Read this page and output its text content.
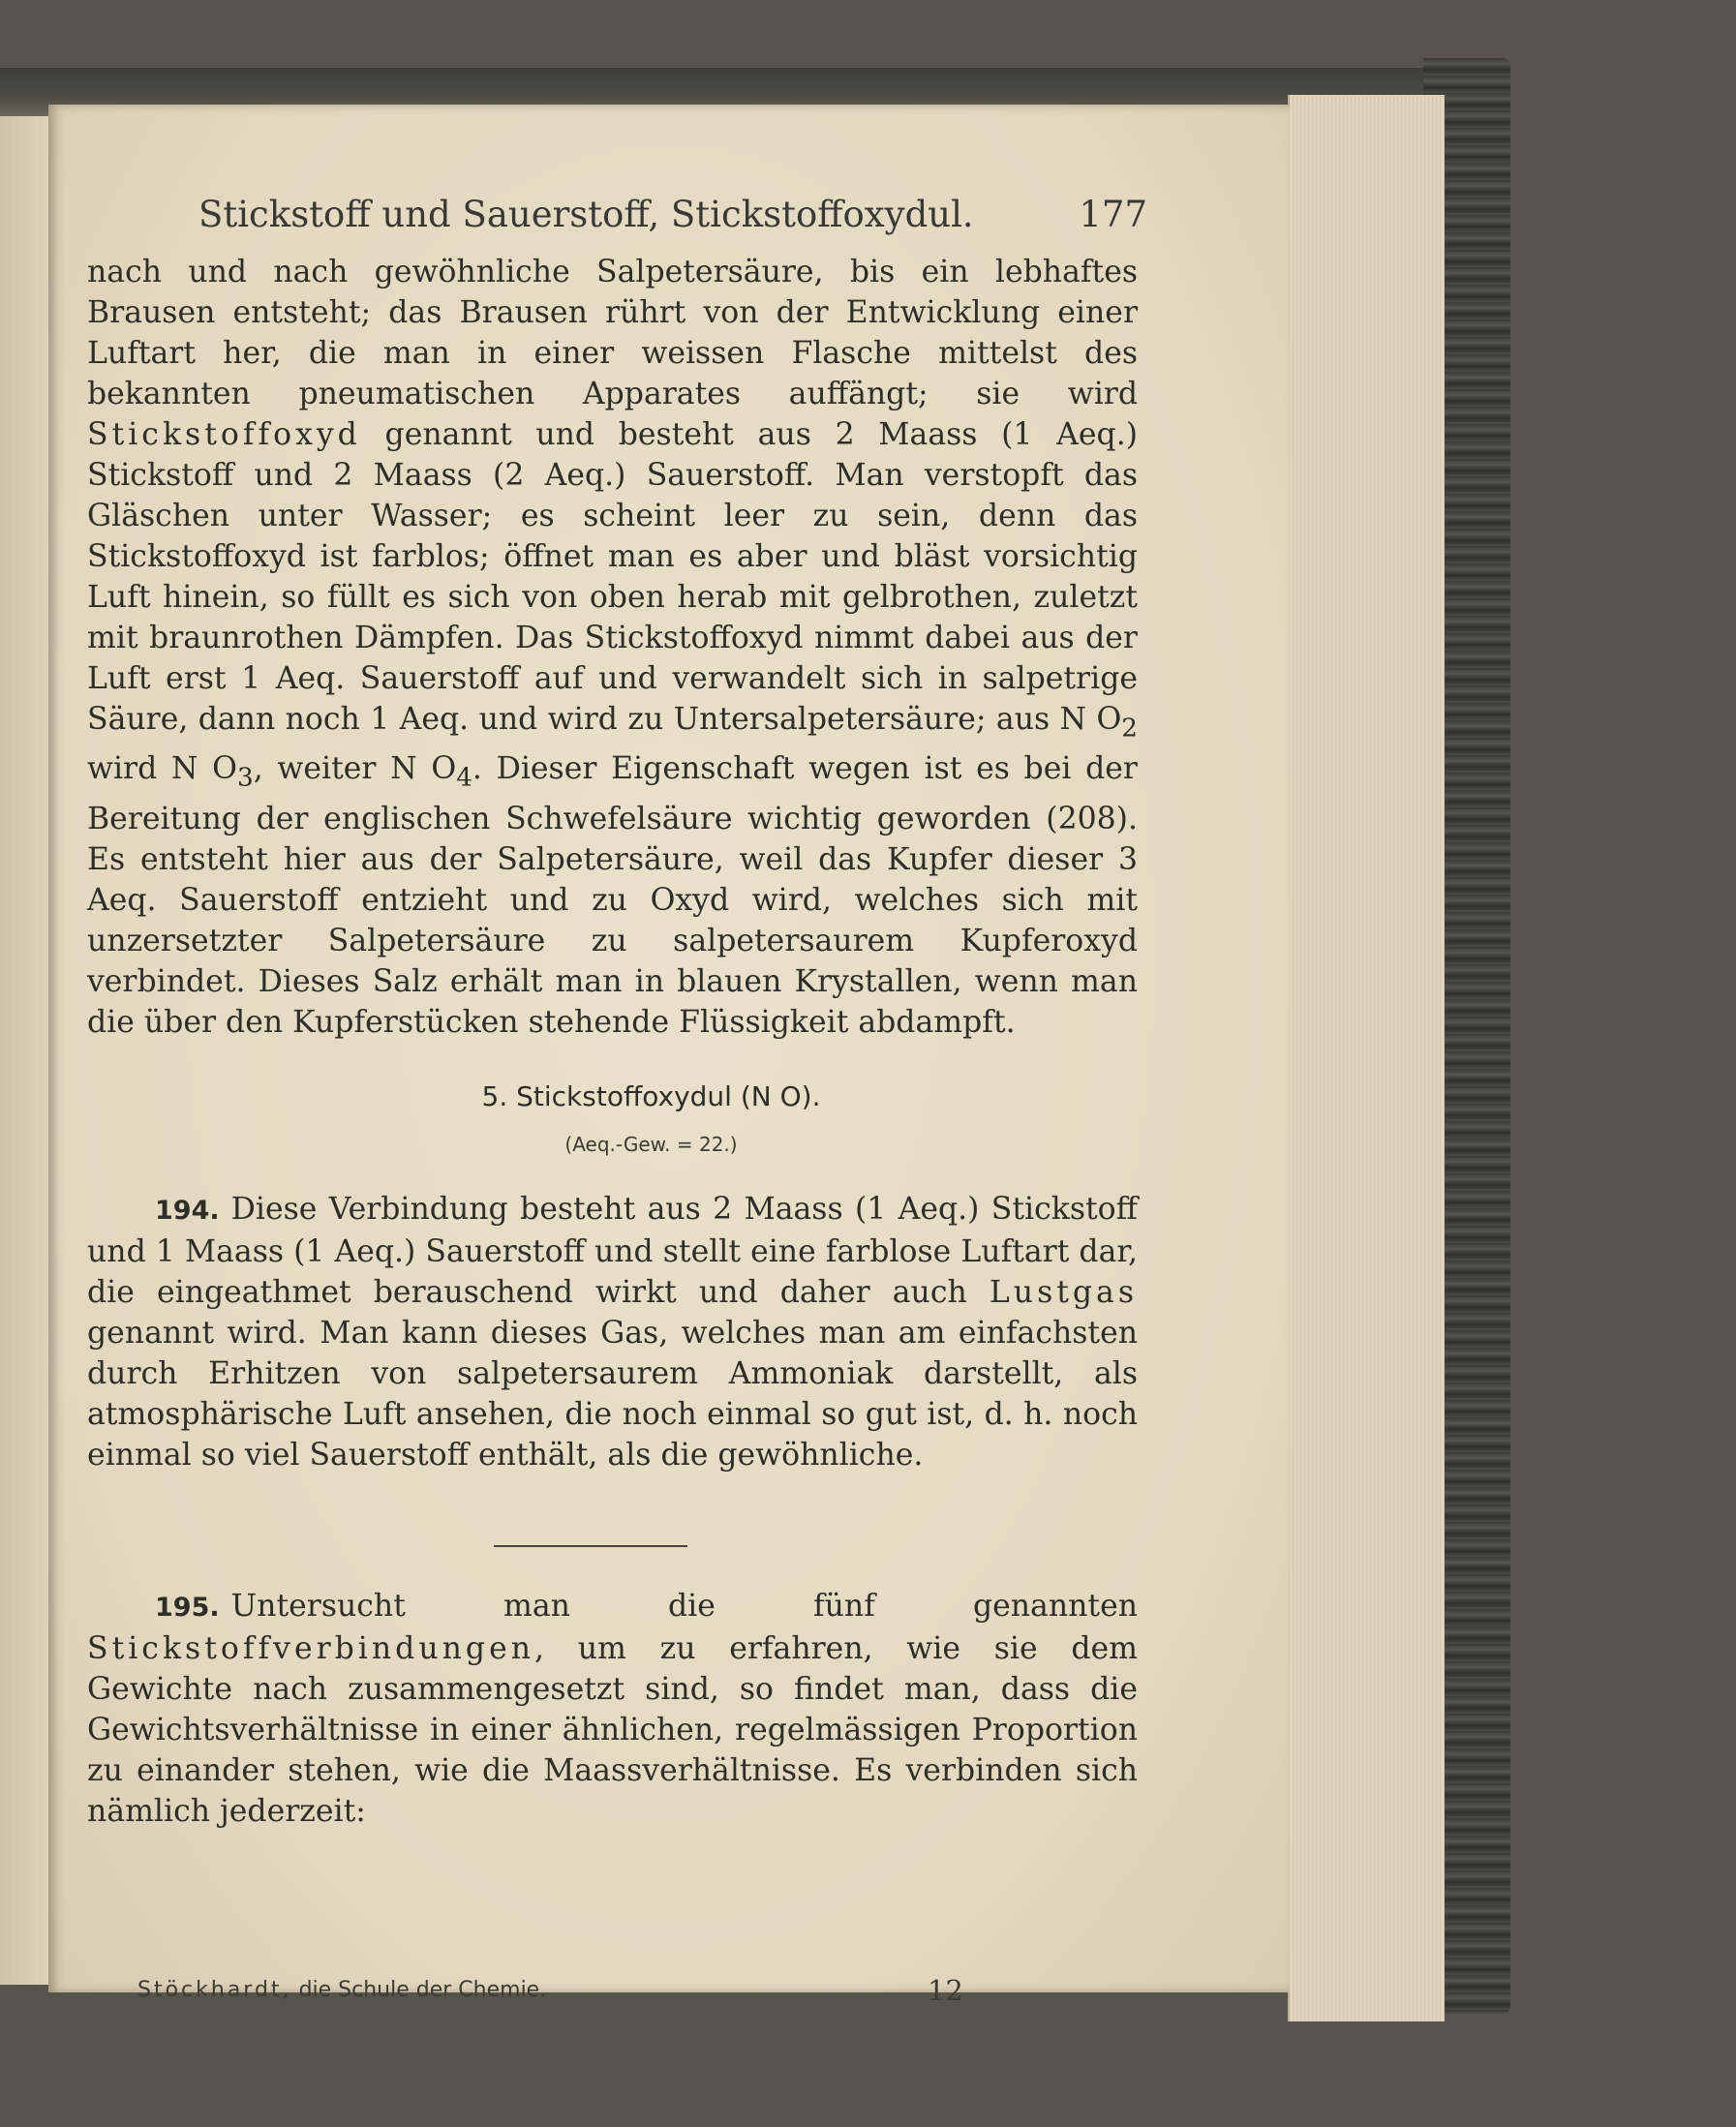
Stickstoff und Sauerstoff, Stickstoffoxydul.	177

nach und nach gewöhnliche Salpetersäure, bis ein lebhaftes Brausen entsteht; das Brausen rührt von der Entwicklung einer Luftart her, die man in einer weissen Flasche mittelst des bekannten pneumatischen Apparates auffängt; sie wird Stickstoffoxyd genannt und besteht aus 2 Maass (1 Aeq.) Stickstoff und 2 Maass (2 Aeq.) Sauerstoff. Man verstopft das Gläschen unter Wasser; es scheint leer zu sein, denn das Stickstoffoxyd ist farblos; öffnet man es aber und bläst vorsichtig Luft hinein, so füllt es sich von oben herab mit gelbrothen, zuletzt mit braunrothen Dämpfen. Das Stickstoffoxyd nimmt dabei aus der Luft erst 1 Aeq. Sauerstoff auf und verwandelt sich in salpetrige Säure, dann noch 1 Aeq. und wird zu Untersalpetersäure; aus N $O_2$ wird N $O_3$, weiter N $O_4$. Dieser Eigenschaft wegen ist es bei der Bereitung der englischen Schwefelsäure wichtig geworden (208). Es entsteht hier aus der Salpetersäure, weil das Kupfer dieser 3 Aeq. Sauerstoff entzieht und zu Oxyd wird, welches sich mit unzersetzter Salpetersäure zu salpetersaurem Kupferoxyd verbindet. Dieses Salz erhält man in blauen Krystallen, wenn man die über den Kupferstücken stehende Flüssigkeit abdampft.

5. Stickstoffoxydul (N O).
(Aeq.-Gew. = 22.)

194. Diese Verbindung besteht aus 2 Maass (1 Aeq.) Stickstoff und 1 Maass (1 Aeq.) Sauerstoff und stellt eine farblose Luftart dar, die eingeathmet berauschend wirkt und daher auch Lustgas genannt wird. Man kann dieses Gas, welches man am einfachsten durch Erhitzen von salpetersaurem Ammoniak darstellt, als atmosphärische Luft ansehen, die noch einmal so gut ist, d. h. noch einmal so viel Sauerstoff enthält, als die gewöhnliche.

195. Untersucht man die fünf genannten Stickstoffverbindungen, um zu erfahren, wie sie dem Gewichte nach zusammengesetzt sind, so findet man, dass die Gewichtsverhältnisse in einer ähnlichen, regelmässigen Proportion zu einander stehen, wie die Maassverhältnisse. Es verbinden sich nämlich jederzeit:

Stöckhardt, die Schule der Chemie.	12
